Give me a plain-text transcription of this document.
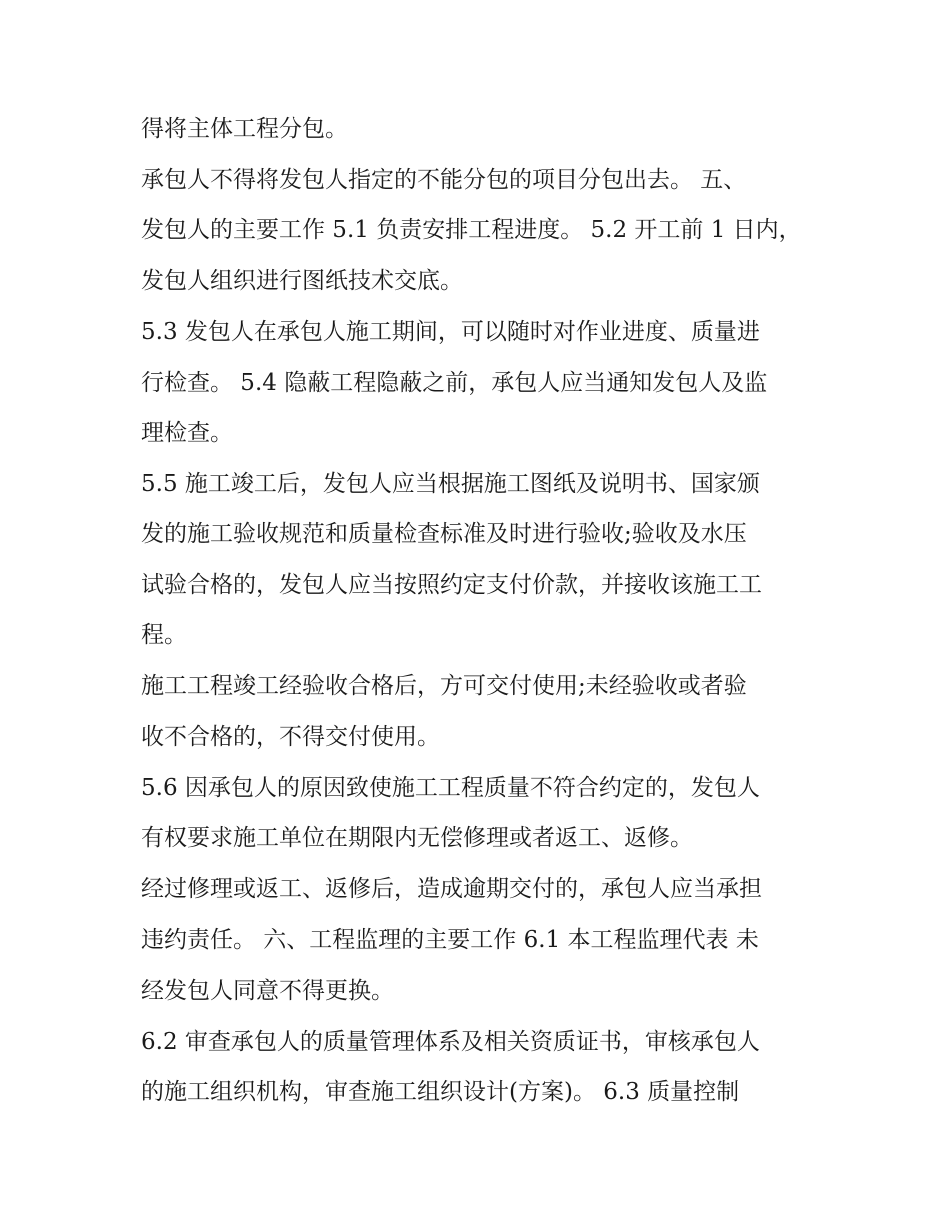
得将主体工程分包。
承包人不得将发包人指定的不能分包的项目分包出去。 五、
发包人的主要工作 5.1 负责安排工程进度。 5.2 开工前 1 日内，
发包人组织进行图纸技术交底。
5.3 发包人在承包人施工期间，可以随时对作业进度、质量进
行检查。 5.4 隐蔽工程隐蔽之前，承包人应当通知发包人及监
理检查。
5.5 施工竣工后，发包人应当根据施工图纸及说明书、国家颁
发的施工验收规范和质量检查标准及时进行验收;验收及水压
试验合格的，发包人应当按照约定支付价款，并接收该施工工
程。
施工工程竣工经验收合格后，方可交付使用;未经验收或者验
收不合格的，不得交付使用。
5.6 因承包人的原因致使施工工程质量不符合约定的，发包人
有权要求施工单位在期限内无偿修理或者返工、返修。
经过修理或返工、返修后，造成逾期交付的，承包人应当承担
违约责任。 六、工程监理的主要工作 6.1 本工程监理代表 未
经发包人同意不得更换。
6.2 审查承包人的质量管理体系及相关资质证书，审核承包人
的施工组织机构，审查施工组织设计(方案)。 6.3 质量控制
